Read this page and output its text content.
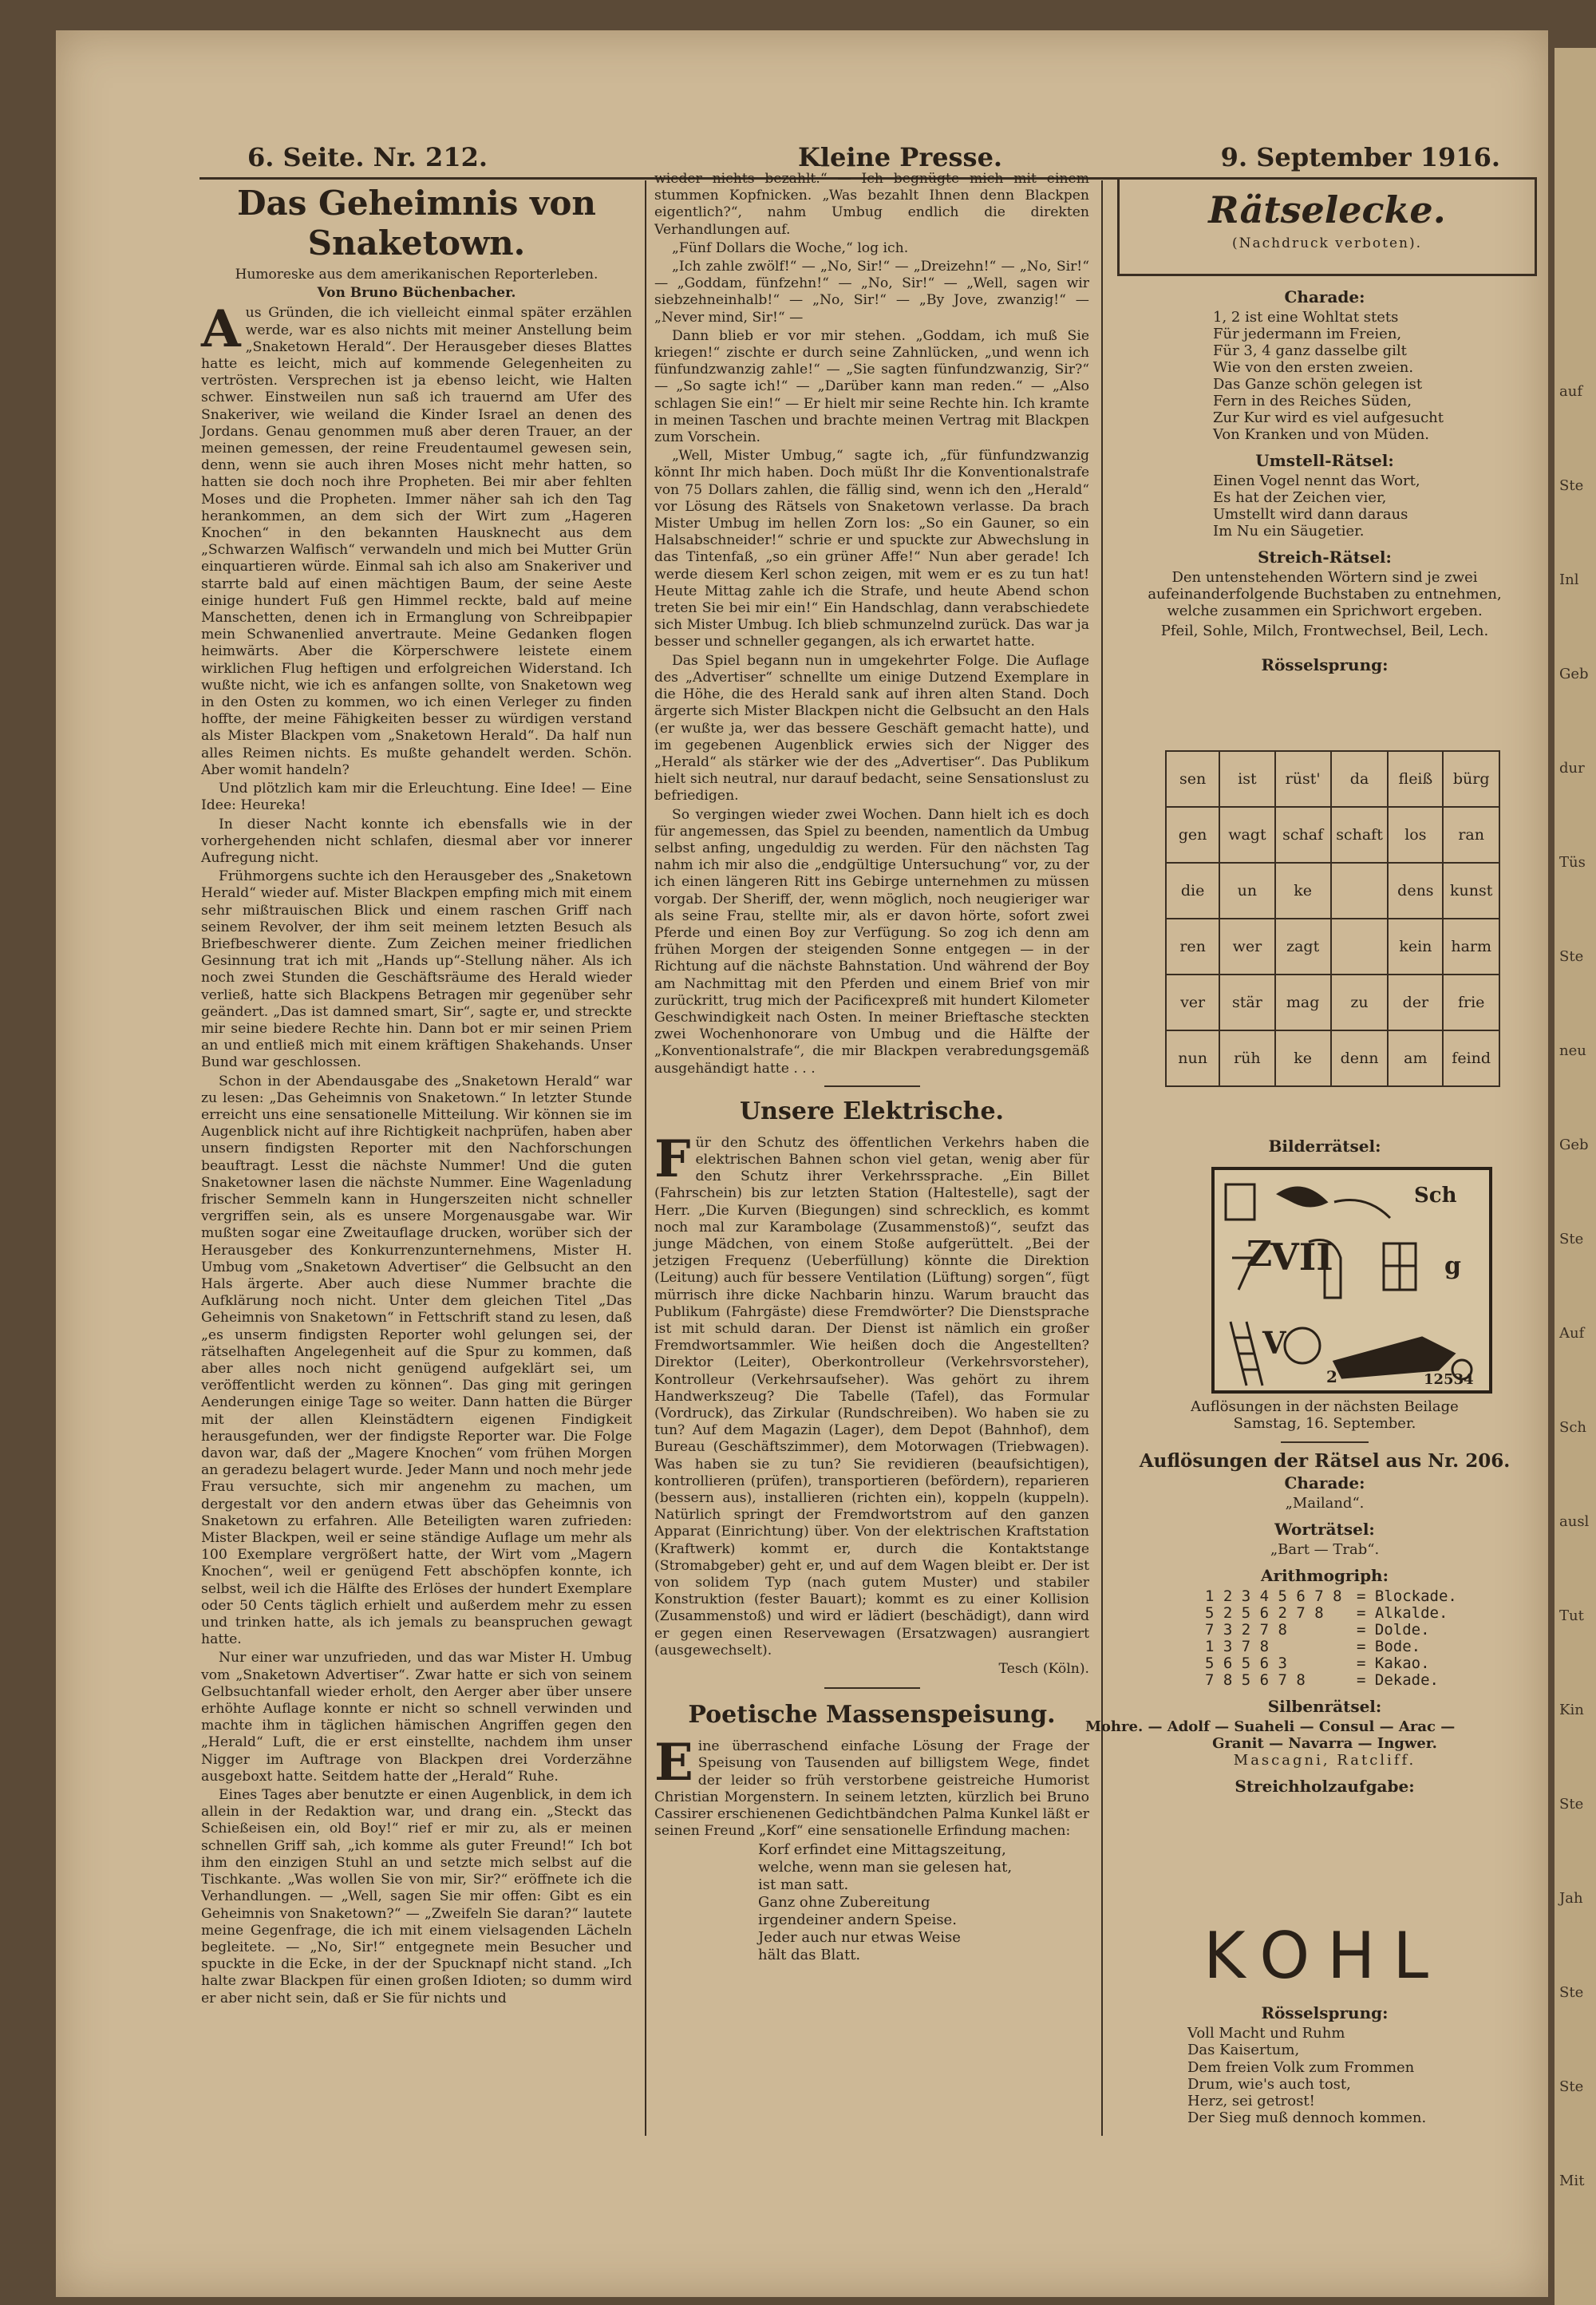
auf
Ste
Inl
Geb
dur
Tüs
Ste
neu
Geb
Ste
Auf
Sch
ausl
Tut
Kin
Ste
Jah
Ste
Ste
Mit
6. Seite. Nr. 212.	Kleine Presse.	9. September 1916.
Das Geheimnis von Snaketown.

Humoreske aus dem amerikanischen Reporterleben.

Von Bruno Büchenbacher.

Aus Gründen, die ich vielleicht einmal später erzählen werde, war es also nichts mit meiner Anstellung beim „Snaketown Herald“. Der Herausgeber dieses Blattes hatte es leicht, mich auf kommende Gelegenheiten zu vertrösten. Versprechen ist ja ebenso leicht, wie Halten schwer. Einstweilen nun saß ich trauernd am Ufer des Snakeriver, wie weiland die Kinder Israel an denen des Jordans. Genau genommen muß aber deren Trauer, an der meinen gemessen, der reine Freudentaumel gewesen sein, denn, wenn sie auch ihren Moses nicht mehr hatten, so hatten sie doch noch ihre Propheten. Bei mir aber fehlten Moses und die Propheten. Immer näher sah ich den Tag herankommen, an dem sich der Wirt zum „Hageren Knochen“ in den bekannten Hausknecht aus dem „Schwarzen Walfisch“ verwandeln und mich bei Mutter Grün einquartieren würde. Einmal sah ich also am Snakeriver und starrte bald auf einen mächtigen Baum, der seine Aeste einige hundert Fuß gen Himmel reckte, bald auf meine Manschetten, denen ich in Ermanglung von Schreibpapier mein Schwanenlied anvertraute. Meine Gedanken flogen heimwärts. Aber die Körperschwere leistete einem wirklichen Flug heftigen und erfolgreichen Widerstand. Ich wußte nicht, wie ich es anfangen sollte, von Snaketown weg in den Osten zu kommen, wo ich einen Verleger zu finden hoffte, der meine Fähigkeiten besser zu würdigen verstand als Mister Blackpen vom „Snaketown Herald“. Da half nun alles Reimen nichts. Es mußte gehandelt werden. Schön. Aber womit handeln?

Und plötzlich kam mir die Erleuchtung. Eine Idee! — Eine Idee: Heureka!

In dieser Nacht konnte ich ebensfalls wie in der vorhergehenden nicht schlafen, diesmal aber vor innerer Aufregung nicht.

Frühmorgens suchte ich den Herausgeber des „Snaketown Herald“ wieder auf. Mister Blackpen empfing mich mit einem sehr mißtrauischen Blick und einem raschen Griff nach seinem Revolver, der ihm seit meinem letzten Besuch als Briefbeschwerer diente. Zum Zeichen meiner friedlichen Gesinnung trat ich mit „Hands up“-Stellung näher. Als ich noch zwei Stunden die Geschäftsräume des Herald wieder verließ, hatte sich Blackpens Betragen mir gegenüber sehr geändert. „Das ist damned smart, Sir“, sagte er, und streckte mir seine biedere Rechte hin. Dann bot er mir seinen Priem an und entließ mich mit einem kräftigen Shakehands. Unser Bund war geschlossen.

Schon in der Abendausgabe des „Snaketown Herald“ war zu lesen: „Das Geheimnis von Snaketown.“ In letzter Stunde erreicht uns eine sensationelle Mitteilung. Wir können sie im Augenblick nicht auf ihre Richtigkeit nachprüfen, haben aber unsern findigsten Reporter mit den Nachforschungen beauftragt. Lesst die nächste Nummer! Und die guten Snaketowner lasen die nächste Nummer. Eine Wagenladung frischer Semmeln kann in Hungerszeiten nicht schneller vergriffen sein, als es unsere Morgenausgabe war. Wir mußten sogar eine Zweitauflage drucken, worüber sich der Herausgeber des Konkurrenzunternehmens, Mister H. Umbug vom „Snaketown Advertiser“ die Gelbsucht an den Hals ärgerte. Aber auch diese Nummer brachte die Aufklärung noch nicht. Unter dem gleichen Titel „Das Geheimnis von Snaketown“ in Fettschrift stand zu lesen, daß „es unserm findigsten Reporter wohl gelungen sei, der rätselhaften Angelegenheit auf die Spur zu kommen, daß aber alles noch nicht genügend aufgeklärt sei, um veröffentlicht werden zu können“. Das ging mit geringen Aenderungen einige Tage so weiter. Dann hatten die Bürger mit der allen Kleinstädtern eigenen Findigkeit herausgefunden, wer der findigste Reporter war. Die Folge davon war, daß der „Magere Knochen“ vom frühen Morgen an geradezu belagert wurde. Jeder Mann und noch mehr jede Frau versuchte, sich mir angenehm zu machen, um dergestalt vor den andern etwas über das Geheimnis von Snaketown zu erfahren. Alle Beteiligten waren zufrieden: Mister Blackpen, weil er seine ständige Auflage um mehr als 100 Exemplare vergrößert hatte, der Wirt vom „Magern Knochen“, weil er genügend Fett abschöpfen konnte, ich selbst, weil ich die Hälfte des Erlöses der hundert Exemplare oder 50 Cents täglich erhielt und außerdem mehr zu essen und trinken hatte, als ich jemals zu beanspruchen gewagt hatte.

Nur einer war unzufrieden, und das war Mister H. Umbug vom „Snaketown Advertiser“. Zwar hatte er sich von seinem Gelbsuchtanfall wieder erholt, den Aerger aber über unsere erhöhte Auflage konnte er nicht so schnell verwinden und machte ihm in täglichen hämischen Angriffen gegen den „Herald“ Luft, die er erst einstellte, nachdem ihm unser Nigger im Auftrage von Blackpen drei Vorderzähne ausgeboxt hatte. Seitdem hatte der „Herald“ Ruhe.

Eines Tages aber benutzte er einen Augenblick, in dem ich allein in der Redaktion war, und drang ein. „Steckt das Schießeisen ein, old Boy!“ rief er mir zu, als er meinen schnellen Griff sah, „ich komme als guter Freund!“ Ich bot ihm den einzigen Stuhl an und setzte mich selbst auf die Tischkante. „Was wollen Sie von mir, Sir?“ eröffnete ich die Verhandlungen. — „Well, sagen Sie mir offen: Gibt es ein Geheimnis von Snaketown?“ — „Zweifeln Sie daran?“ lautete meine Gegenfrage, die ich mit einem vielsagenden Lächeln begleitete. — „No, Sir!“ entgegnete mein Besucher und spuckte in die Ecke, in der der Spucknapf nicht stand. „Ich halte zwar Blackpen für einen großen Idioten; so dumm wird er aber nicht sein, daß er Sie für nichts und

wieder nichts bezahlt.“ — Ich begnügte mich mit einem stummen Kopfnicken. „Was bezahlt Ihnen denn Blackpen eigentlich?“, nahm Umbug endlich die direkten Verhandlungen auf.

„Fünf Dollars die Woche,“ log ich.

„Ich zahle zwölf!“ — „No, Sir!“ — „Dreizehn!“ — „No, Sir!“ — „Goddam, fünfzehn!“ — „No, Sir!“ — „Well, sagen wir siebzehneinhalb!“ — „No, Sir!“ — „By Jove, zwanzig!“ — „Never mind, Sir!“ —

Dann blieb er vor mir stehen. „Goddam, ich muß Sie kriegen!“ zischte er durch seine Zahnlücken, „und wenn ich fünfundzwanzig zahle!“ — „Sie sagten fünfundzwanzig, Sir?“ — „So sagte ich!“ — „Darüber kann man reden.“ — „Also schlagen Sie ein!“ — Er hielt mir seine Rechte hin. Ich kramte in meinen Taschen und brachte meinen Vertrag mit Blackpen zum Vorschein.

„Well, Mister Umbug,“ sagte ich, „für fünfundzwanzig könnt Ihr mich haben. Doch müßt Ihr die Konventionalstrafe von 75 Dollars zahlen, die fällig sind, wenn ich den „Herald“ vor Lösung des Rätsels von Snaketown verlasse. Da brach Mister Umbug im hellen Zorn los: „So ein Gauner, so ein Halsabschneider!“ schrie er und spuckte zur Abwechslung in das Tintenfaß, „so ein grüner Affe!“ Nun aber gerade! Ich werde diesem Kerl schon zeigen, mit wem er es zu tun hat! Heute Mittag zahle ich die Strafe, und heute Abend schon treten Sie bei mir ein!“ Ein Handschlag, dann verabschiedete sich Mister Umbug. Ich blieb schmunzelnd zurück. Das war ja besser und schneller gegangen, als ich erwartet hatte.

Das Spiel begann nun in umgekehrter Folge. Die Auflage des „Advertiser“ schnellte um einige Dutzend Exemplare in die Höhe, die des Herald sank auf ihren alten Stand. Doch ärgerte sich Mister Blackpen nicht die Gelbsucht an den Hals (er wußte ja, wer das bessere Geschäft gemacht hatte), und im gegebenen Augenblick erwies sich der Nigger des „Herald“ als stärker wie der des „Advertiser“. Das Publikum hielt sich neutral, nur darauf bedacht, seine Sensationslust zu befriedigen.

So vergingen wieder zwei Wochen. Dann hielt ich es doch für angemessen, das Spiel zu beenden, namentlich da Umbug selbst anfing, ungeduldig zu werden. Für den nächsten Tag nahm ich mir also die „endgültige Untersuchung“ vor, zu der ich einen längeren Ritt ins Gebirge unternehmen zu müssen vorgab. Der Sheriff, der, wenn möglich, noch neugieriger war als seine Frau, stellte mir, als er davon hörte, sofort zwei Pferde und einen Boy zur Verfügung. So zog ich denn am frühen Morgen der steigenden Sonne entgegen — in der Richtung auf die nächste Bahnstation. Und während der Boy am Nachmittag mit den Pferden und einem Brief von mir zurückritt, trug mich der Pacificexpreß mit hundert Kilometer Geschwindigkeit nach Osten. In meiner Brieftasche steckten zwei Wochenhonorare von Umbug und die Hälfte der „Konventionalstrafe“, die mir Blackpen verabredungsgemäß ausgehändigt hatte . . .

Unsere Elektrische.

Für den Schutz des öffentlichen Verkehrs haben die elektrischen Bahnen schon viel getan, wenig aber für den Schutz ihrer Verkehrssprache. „Ein Billet (Fahrschein) bis zur letzten Station (Haltestelle), sagt der Herr. „Die Kurven (Biegungen) sind schrecklich, es kommt noch mal zur Karambolage (Zusammenstoß)“, seufzt das junge Mädchen, von einem Stoße aufgerüttelt. „Bei der jetzigen Frequenz (Ueberfüllung) könnte die Direktion (Leitung) auch für bessere Ventilation (Lüftung) sorgen“, fügt mürrisch ihre dicke Nachbarin hinzu. Warum braucht das Publikum (Fahrgäste) diese Fremdwörter? Die Dienstsprache ist mit schuld daran. Der Dienst ist nämlich ein großer Fremdwortsammler. Wie heißen doch die Angestellten? Direktor (Leiter), Oberkontrolleur (Verkehrsvorsteher), Kontrolleur (Verkehrsaufseher). Was gehört zu ihrem Handwerkszeug? Die Tabelle (Tafel), das Formular (Vordruck), das Zirkular (Rundschreiben). Wo haben sie zu tun? Auf dem Magazin (Lager), dem Depot (Bahnhof), dem Bureau (Geschäftszimmer), dem Motorwagen (Triebwagen). Was haben sie zu tun? Sie revidieren (beaufsichtigen), kontrollieren (prüfen), transportieren (befördern), reparieren (bessern aus), installieren (richten ein), koppeln (kuppeln). Natürlich springt der Fremdwortstrom auf den ganzen Apparat (Einrichtung) über. Von der elektrischen Kraftstation (Kraftwerk) kommt er, durch die Kontaktstange (Stromabgeber) geht er, und auf dem Wagen bleibt er. Der ist von solidem Typ (nach gutem Muster) und stabiler Konstruktion (fester Bauart); kommt es zu einer Kollision (Zusammenstoß) und wird er lädiert (beschädigt), dann wird er gegen einen Reservewagen (Ersatzwagen) ausrangiert (ausgewechselt).

Tesch (Köln).

Poetische Massenspeisung.

Eine überraschend einfache Lösung der Frage der Speisung von Tausenden auf billigstem Wege, findet der leider so früh verstorbene geistreiche Humorist Christian Morgenstern. In seinem letzten, kürzlich bei Bruno Cassirer erschienenen Gedichtbändchen Palma Kunkel läßt er seinen Freund „Korf“ eine sensationelle Erfindung machen:

Korf erfindet eine Mittagszeitung,
welche, wenn man sie gelesen hat,
ist man satt.
Ganz ohne Zubereitung
irgendeiner andern Speise.
Jeder auch nur etwas Weise
hält das Blatt.
Rätselecke.
(Nachdruck verboten).
Charade:
1, 2 ist eine Wohltat stets
Für jedermann im Freien,
Für 3, 4 ganz dasselbe gilt
Wie von den ersten zweien.
Das Ganze schön gelegen ist
Fern in des Reiches Süden,
Zur Kur wird es viel aufgesucht
Von Kranken und von Müden.
Umstell-Rätsel:
Einen Vogel nennt das Wort,
Es hat der Zeichen vier,
Umstellt wird dann daraus
Im Nu ein Säugetier.
Streich-Rätsel:
Den untenstehenden Wörtern sind je zwei aufeinanderfolgende Buchstaben zu entnehmen, welche zusammen ein Sprichwort ergeben.
Pfeil, Sohle, Milch, Frontwechsel, Beil, Lech.
Rösselsprung:
sen	ist	rüst'	da	fleiß	bürg
gen	wagt	schaf	schaft	los	ran
die	un	ke		dens	kunst
ren	wer	zagt		kein	harm
ver	stär	mag	zu	der	frie
nun	rüh	ke	denn	am	feind
Bilderrätsel:
Sch
Z
VII	g
V
2	12534
Auflösungen in der nächsten Beilage
Samstag, 16. September.
Auflösungen der Rätsel aus Nr. 206.
Charade:
„Mailand“.
Worträtsel:
„Bart — Trab“.
Arithmogriph:
1 2 3 4 5 6 7 8 = Blockade.
5 2 5 6 2 7 8 = Alkalde.
7 3 2 7 8	= Dolde.
1 3 7 8	= Bode.
5 6 5 6 3	= Kakao.
7 8 5 6 7 8	= Dekade.
Silbenrätsel:
Mohre. — Adolf — Suaheli — Consul — Arac —
Granit — Navarra — Ingwer.
Mascagni, Ratcliff.
Streichholzaufgabe:
KOHL
Rösselsprung:
Voll Macht und Ruhm
Das Kaisertum,
Dem freien Volk zum Frommen
Drum, wie's auch tost,
Herz, sei getrost!
Der Sieg muß dennoch kommen.
